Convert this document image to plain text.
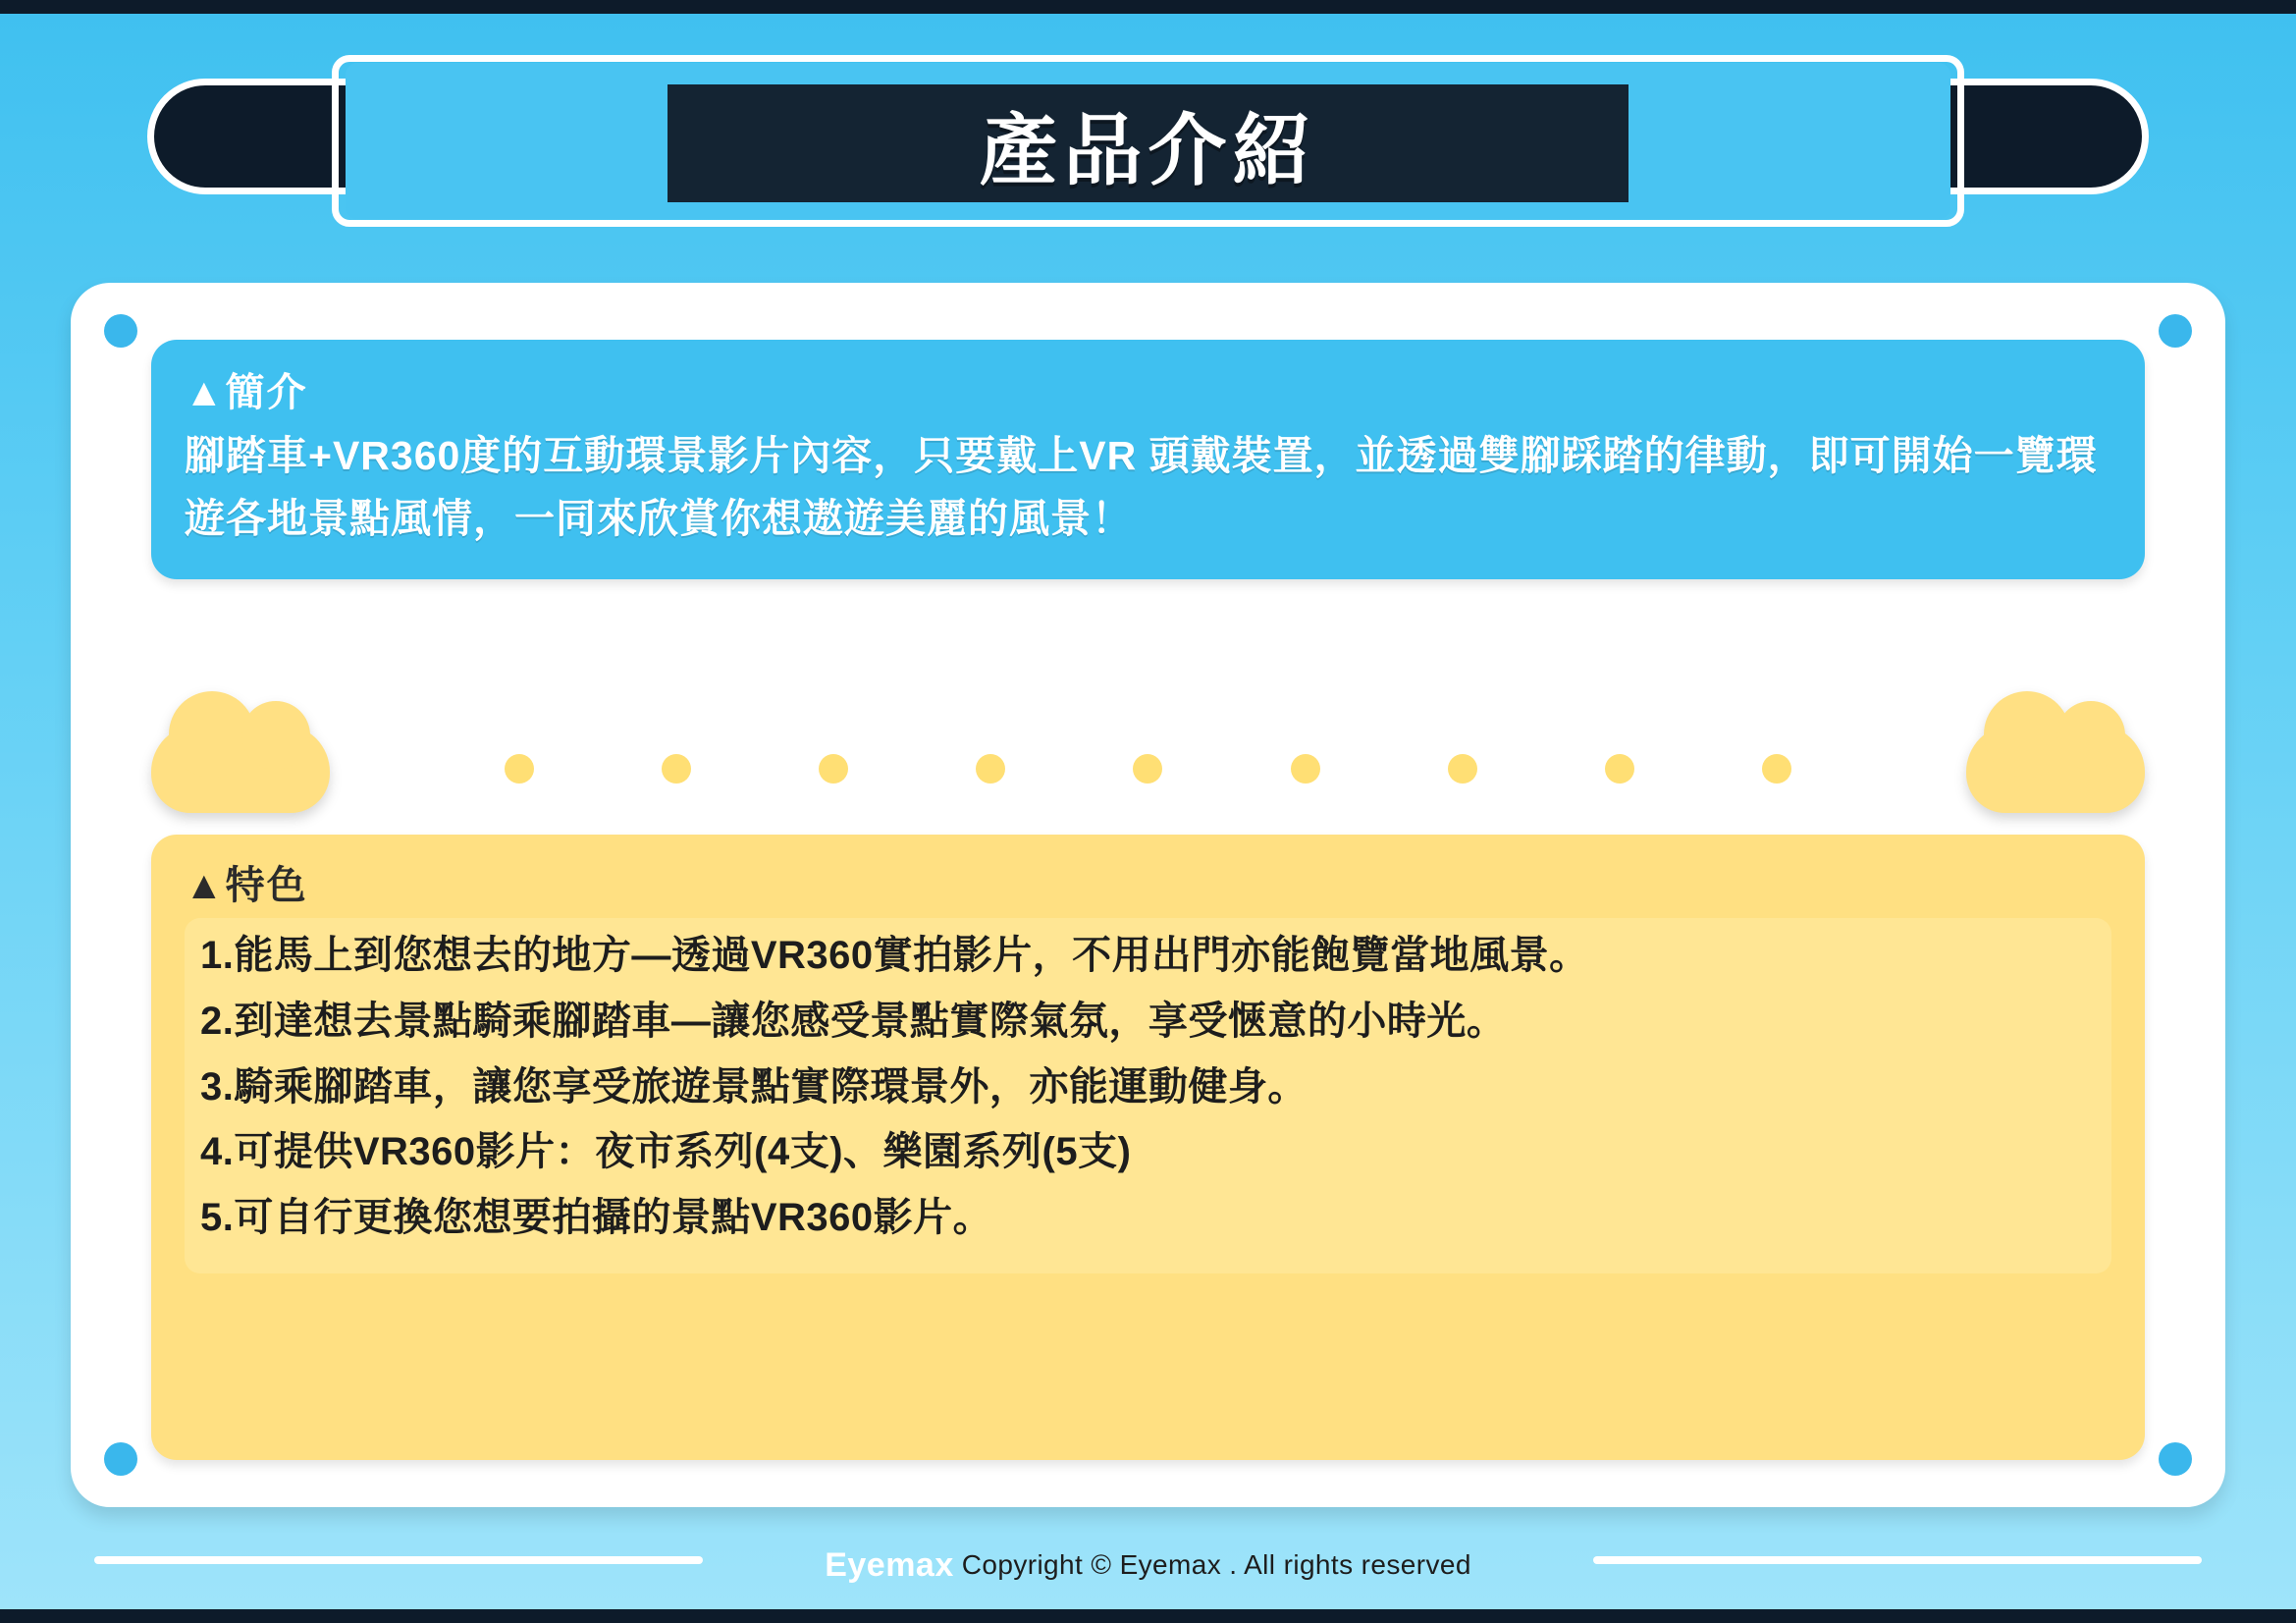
產品介紹
▲簡介
腳踏車+VR360度的互動環景影片內容，只要戴上VR 頭戴裝置，並透過雙腳踩踏的律動，即可開始一覽環遊各地景點風情，一同來欣賞你想遨遊美麗的風景！
▲特色
1.能馬上到您想去的地方—透過VR360實拍影片，不用出門亦能飽覽當地風景。
2.到達想去景點騎乘腳踏車—讓您感受景點實際氣氛，享受愜意的小時光。
3.騎乘腳踏車，讓您享受旅遊景點實際環景外，亦能運動健身。
4.可提供VR360影片：夜市系列(4支)、樂園系列(5支)
5.可自行更換您想要拍攝的景點VR360影片。
Eyemax Copyright © Eyemax . All rights reserved
